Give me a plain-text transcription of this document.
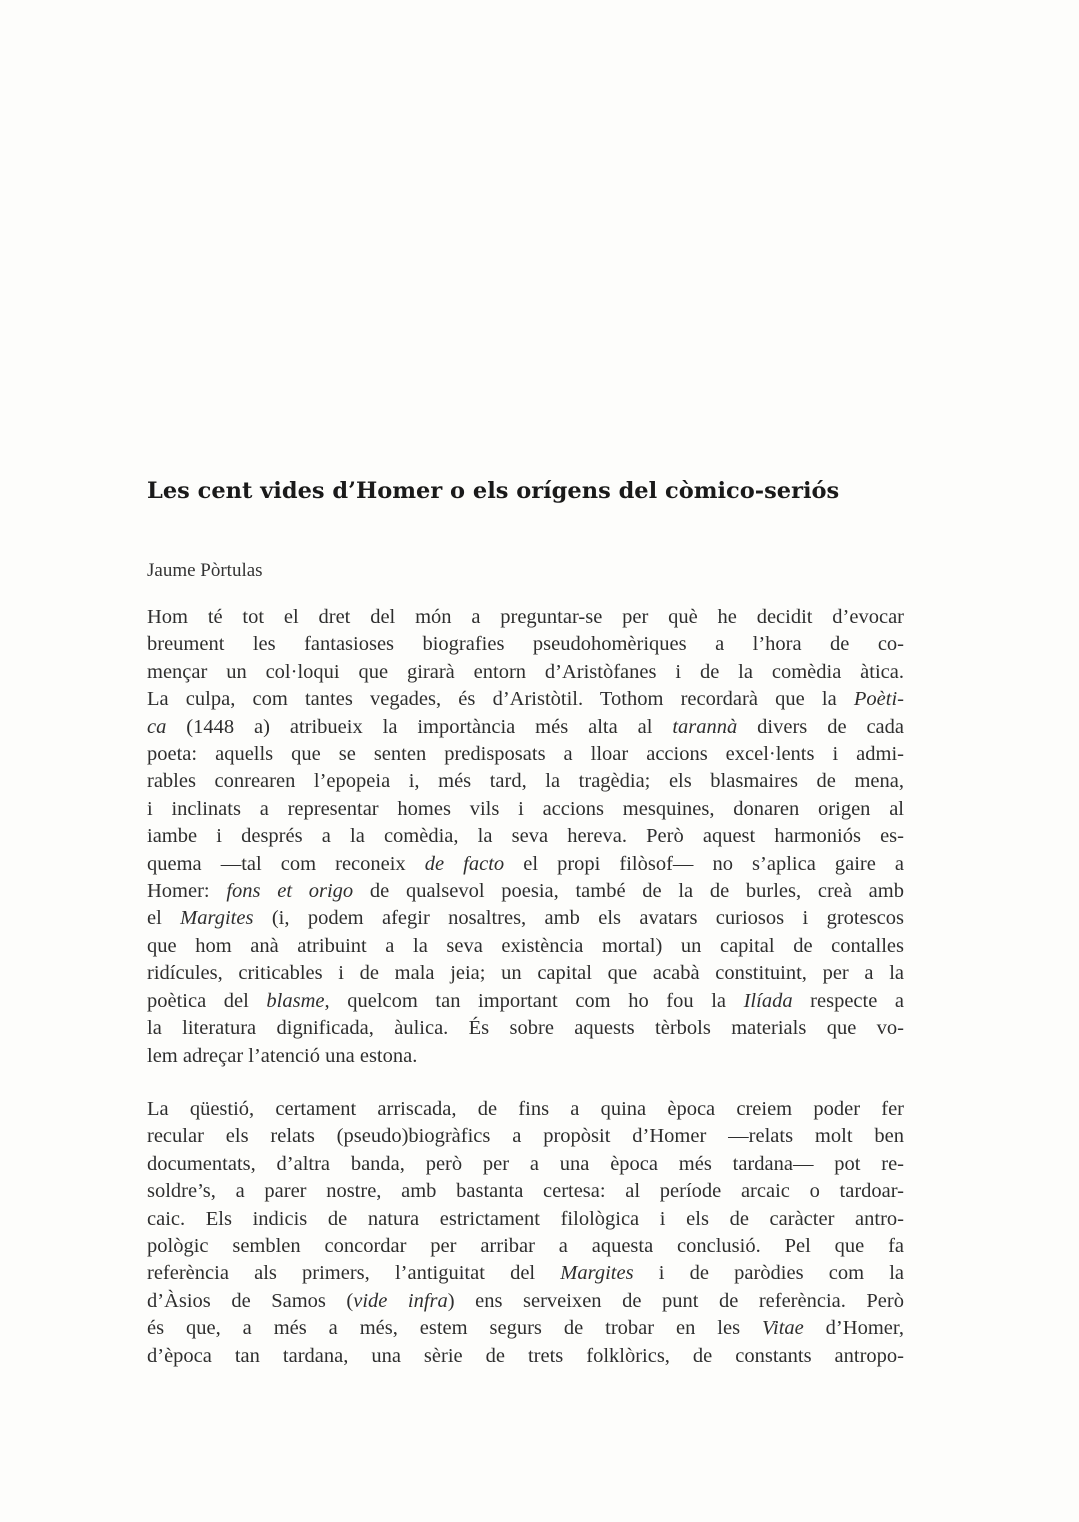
Les cent vides d’Homer o els orígens del còmico-seriós

Jaume Pòrtulas

Hom té tot el dret del món a preguntar-se per què he decidit d’evocar
breument les fantasioses biografies pseudohomèriques a l’hora de co-
mençar un col·loqui que girarà entorn d’Aristòfanes i de la comèdia àtica.
La culpa, com tantes vegades, és d’Aristòtil. Tothom recordarà que la Poèti-
ca (1448 a) atribueix la importància més alta al tarannà divers de cada
poeta: aquells que se senten predisposats a lloar accions excel·lents i admi-
rables conrearen l’epopeia i, més tard, la tragèdia; els blasmaires de mena,
i inclinats a representar homes vils i accions mesquines, donaren origen al
iambe i després a la comèdia, la seva hereva. Però aquest harmoniós es-
quema —tal com reconeix de facto el propi filòsof— no s’aplica gaire a
Homer: fons et origo de qualsevol poesia, també de la de burles, creà amb
el Margites (i, podem afegir nosaltres, amb els avatars curiosos i grotescos
que hom anà atribuint a la seva existència mortal) un capital de contalles
ridícules, criticables i de mala jeia; un capital que acabà constituint, per a la
poètica del blasme, quelcom tan important com ho fou la Ilíada respecte a
la literatura dignificada, àulica. És sobre aquests tèrbols materials que vo-
lem adreçar l’atenció una estona.

La qüestió, certament arriscada, de fins a quina època creiem poder fer
recular els relats (pseudo)biogràfics a propòsit d’Homer —relats molt ben
documentats, d’altra banda, però per a una època més tardana— pot re-
soldre’s, a parer nostre, amb bastanta certesa: al període arcaic o tardoar-
caic. Els indicis de natura estrictament filològica i els de caràcter antro-
pològic semblen concordar per arribar a aquesta conclusió. Pel que fa
referència als primers, l’antiguitat del Margites i de paròdies com la
d’Àsios de Samos (vide infra) ens serveixen de punt de referència. Però
és que, a més a més, estem segurs de trobar en les Vitae d’Homer,
d’època tan tardana, una sèrie de trets folklòrics, de constants antropo-
